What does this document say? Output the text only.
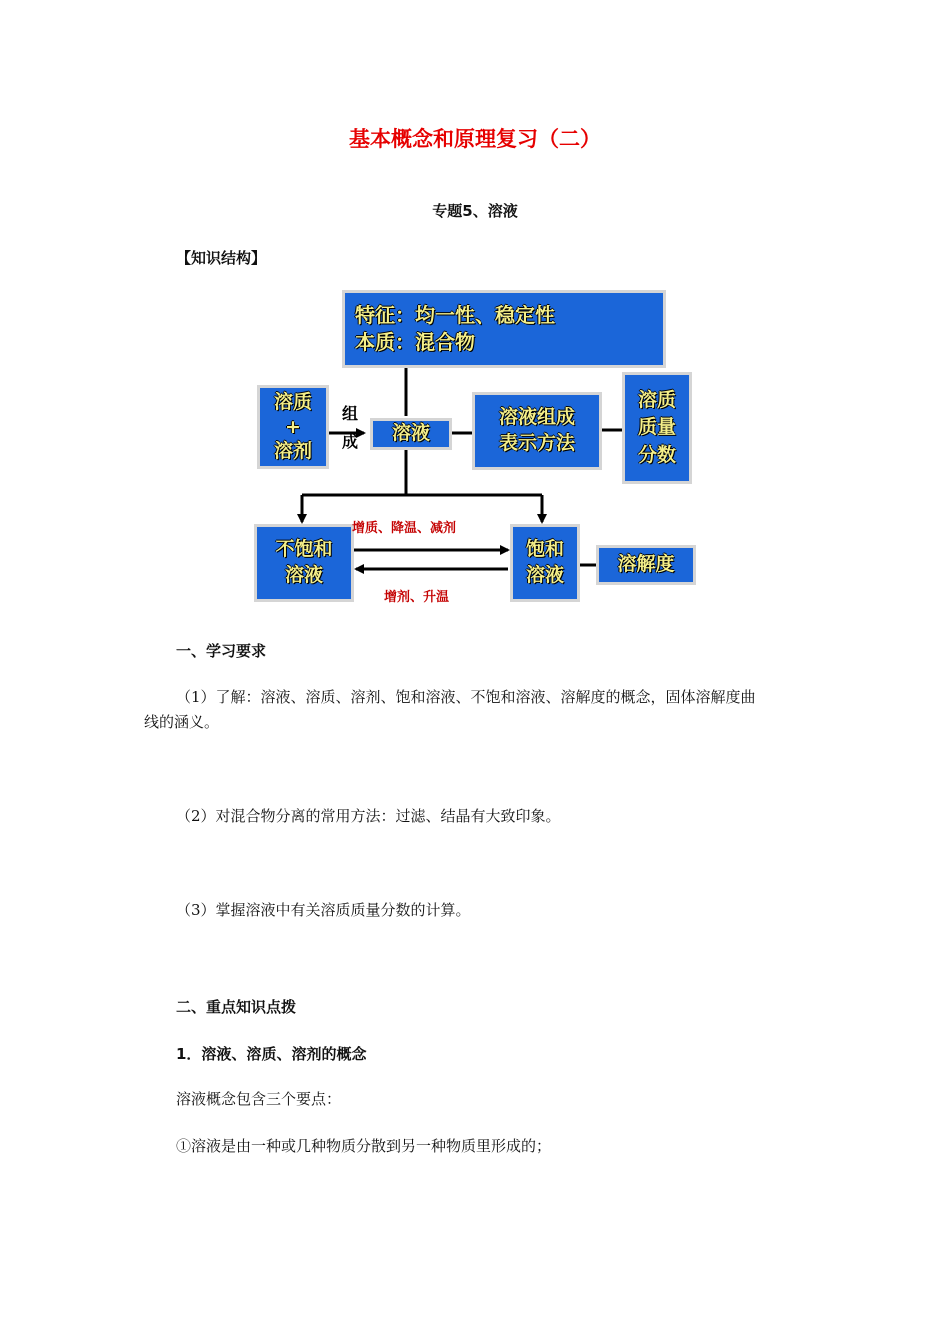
基本概念和原理复习（二）
专题5、溶液
【知识结构】
特征：均一性、稳定性
本质：混合物
溶质
+
溶剂
组
成 溶液
溶液组成
表示方法
溶质
质量
分数
不饱和
溶液
饱和
溶液	溶解度
增质、降温、减剂
增剂、升温
一、学习要求
（1）了解：溶液、溶质、溶剂、饱和溶液、不饱和溶液、溶解度的概念，固体溶解度曲
线的涵义。
（2）对混合物分离的常用方法：过滤、结晶有大致印象。
（3）掌握溶液中有关溶质质量分数的计算。
二、重点知识点拨
1．溶液、溶质、溶剂的概念
溶液概念包含三个要点：
①溶液是由一种或几种物质分散到另一种物质里形成的；
